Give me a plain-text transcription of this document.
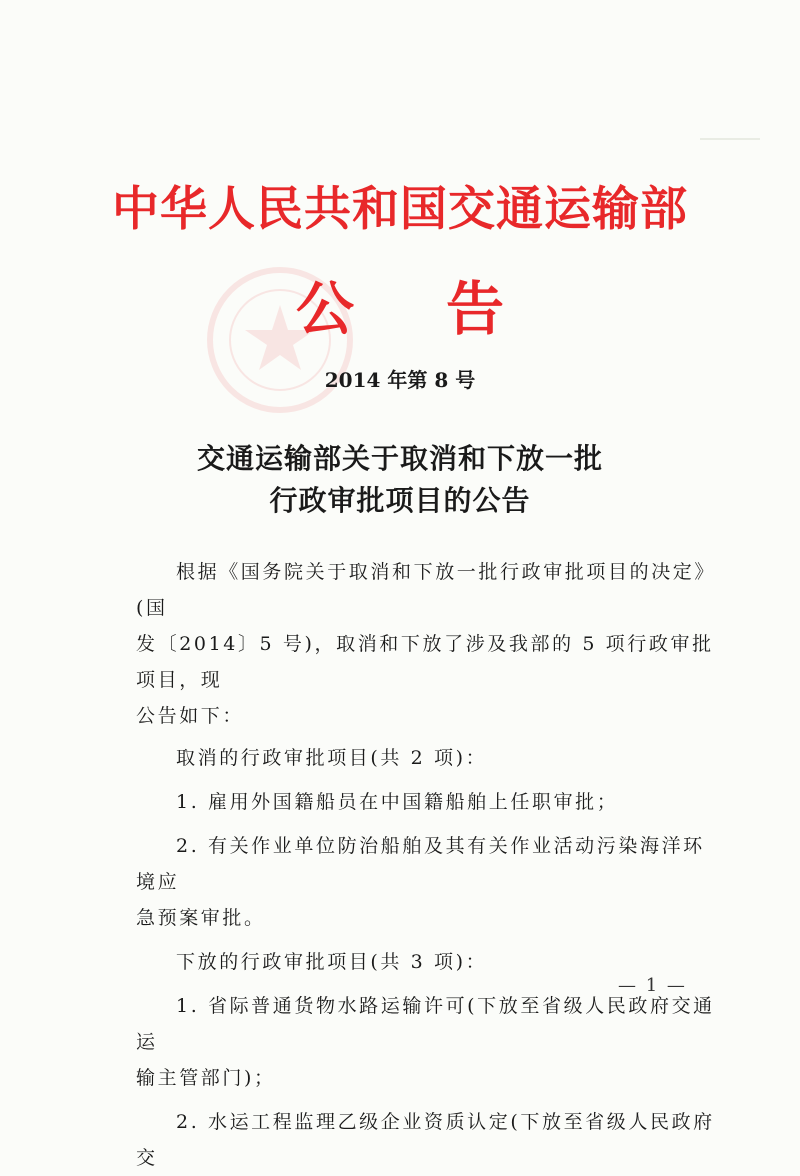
中华人民共和国交通运输部
公 告
2014 年第 8 号
交通运输部关于取消和下放一批
行政审批项目的公告

根据《国务院关于取消和下放一批行政审批项目的决定》(国

发〔2014〕5 号)，取消和下放了涉及我部的 5 项行政审批项目，现

公告如下：

取消的行政审批项目(共 2 项)：

1. 雇用外国籍船员在中国籍船舶上任职审批；

2. 有关作业单位防治船舶及其有关作业活动污染海洋环境应

急预案审批。

下放的行政审批项目(共 3 项)：

1. 省际普通货物水路运输许可(下放至省级人民政府交通运

输主管部门)；

2. 水运工程监理乙级企业资质认定(下放至省级人民政府交

— 1 —
